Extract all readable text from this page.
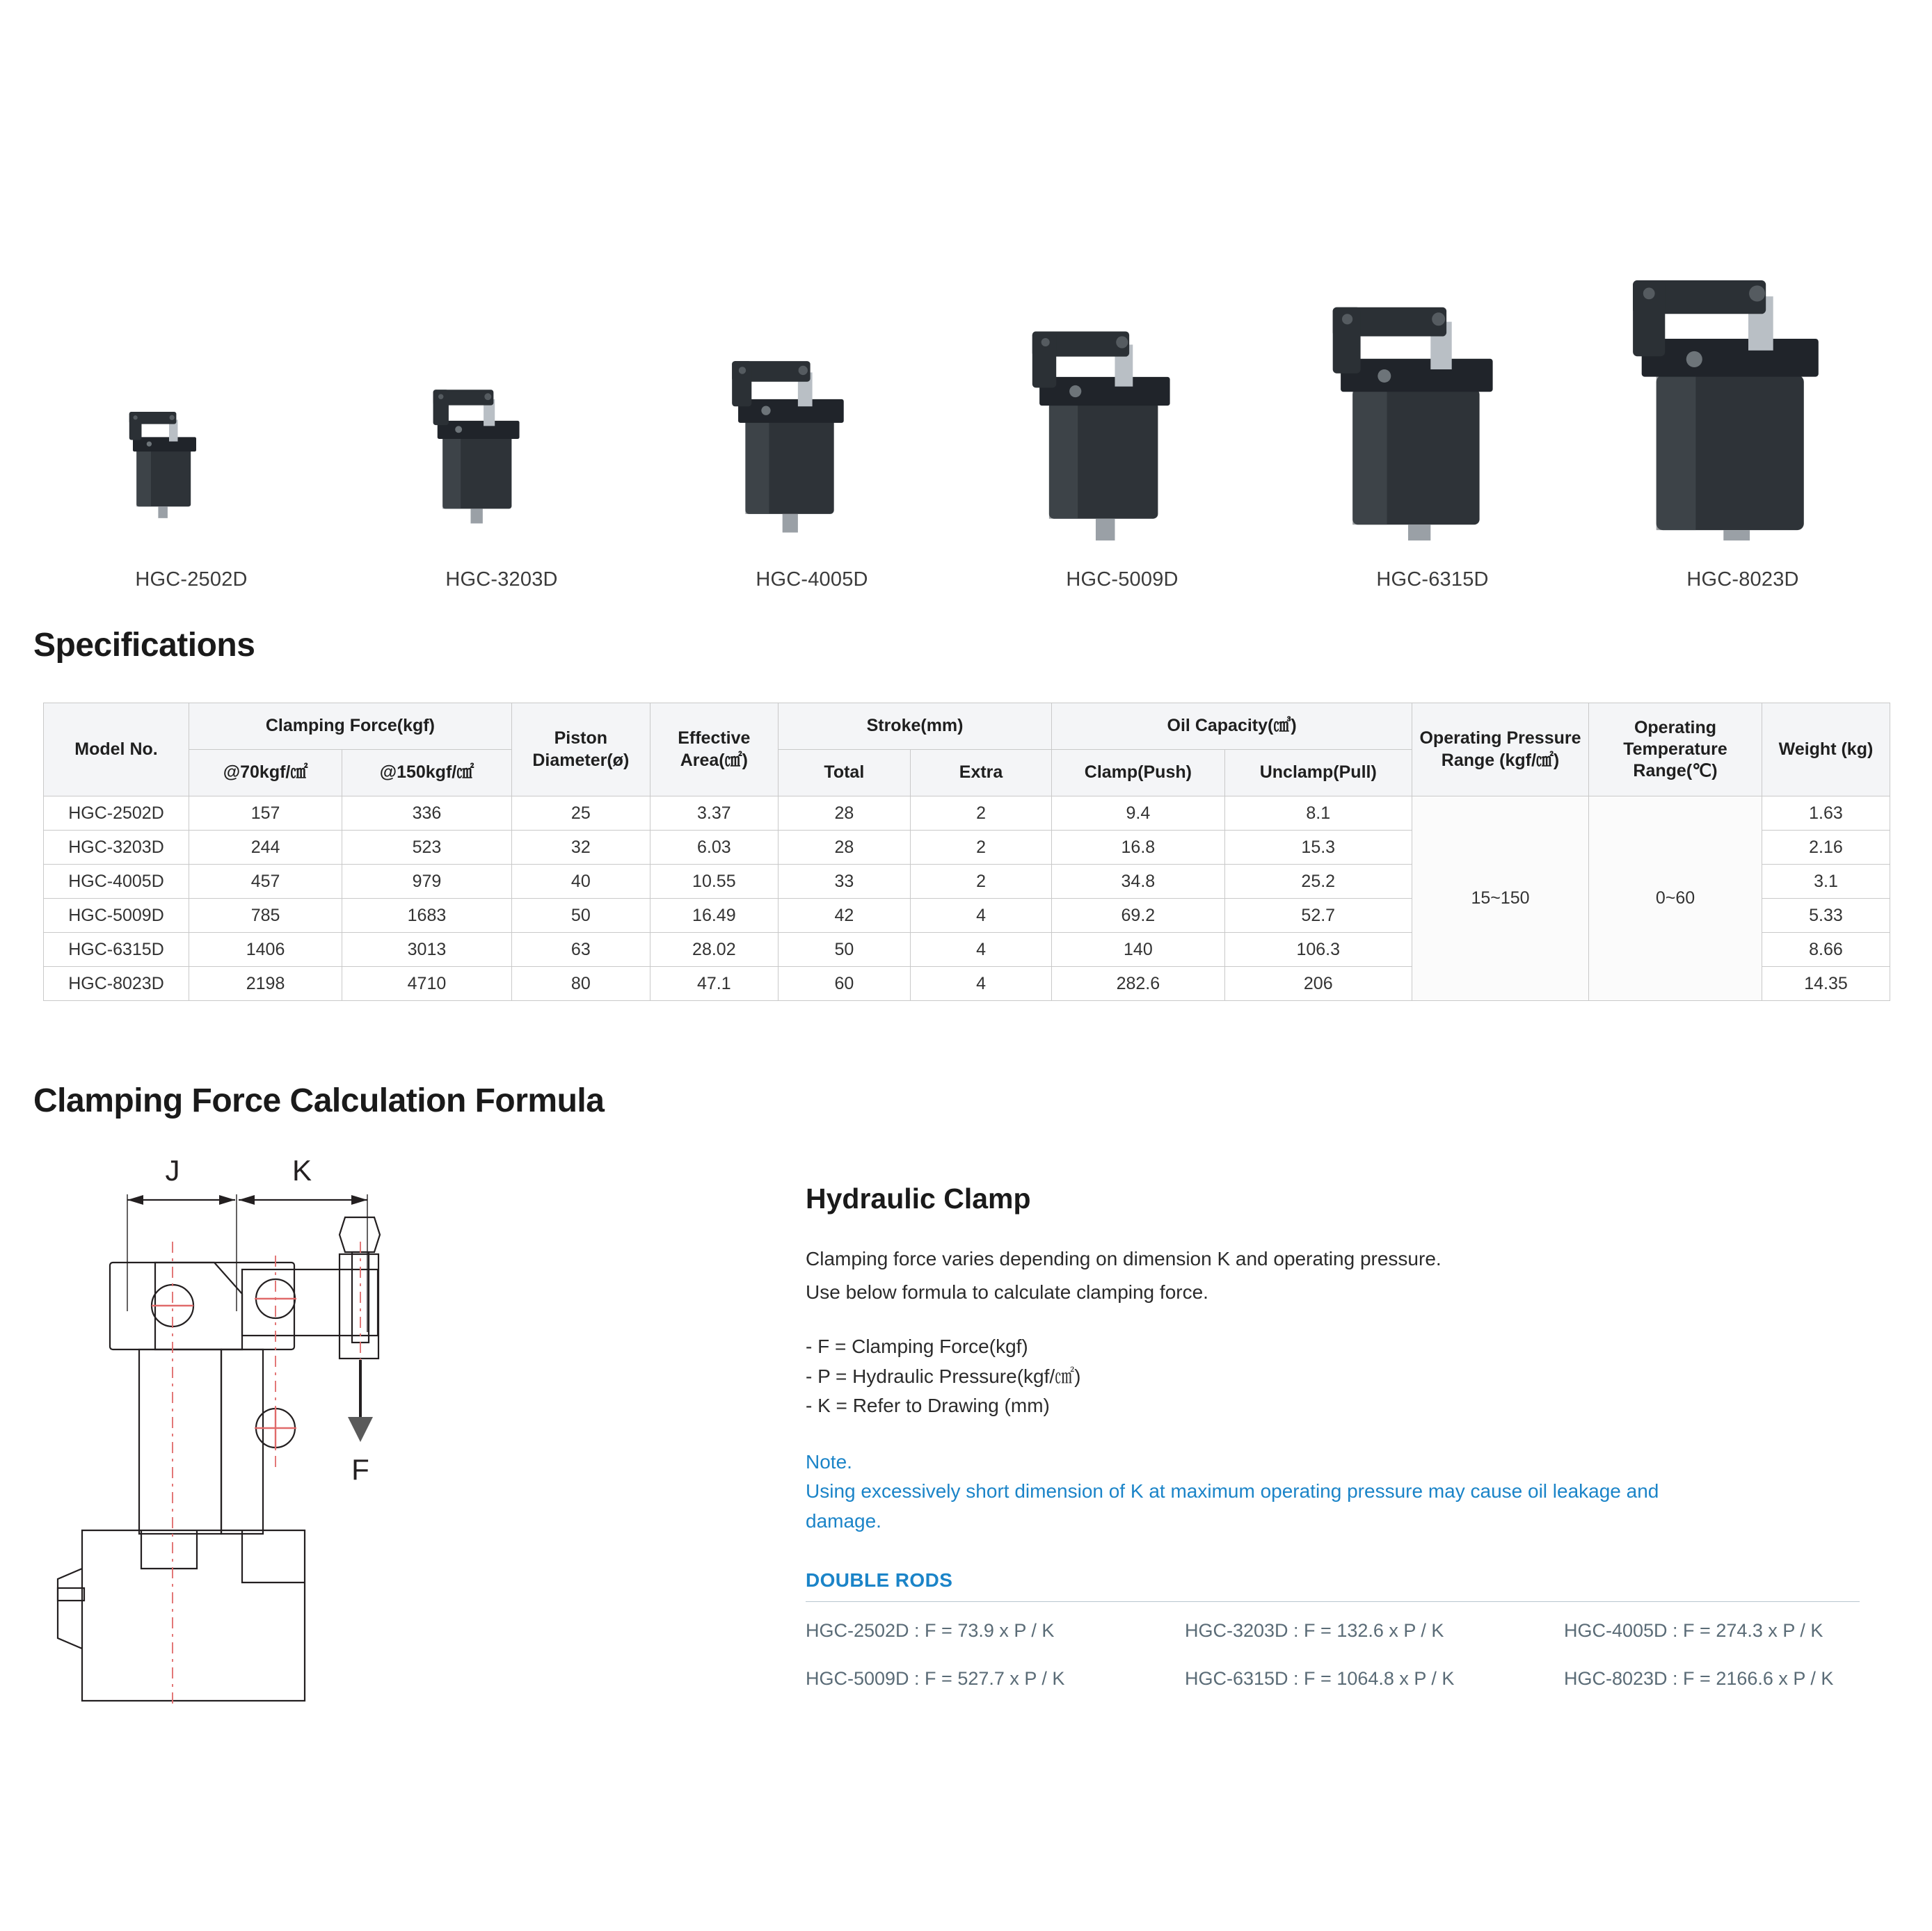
HGC-2502D	HGC-3203D	HGC-4005D	HGC-5009D	HGC-6315D	HGC-8023D
Specifications
Model No.	Clamping Force(kgf)		Piston Diameter(ø)	Effective Area(㎠)	Stroke(mm)		Oil Capacity(㎤)		Operating Pressure Range (kgf/㎠)	Operating Temperature Range(℃)	Weight (kg)
	@70kgf/㎠	@150kgf/㎠			Total	Extra	Clamp(Push)	Unclamp(Pull)			
HGC-2502D	157	336	25	3.37	28	2	9.4	8.1	15~150	0~60	1.63
HGC-3203D	244	523	32	6.03	28	2	16.8	15.3			2.16
HGC-4005D	457	979	40	10.55	33	2	34.8	25.2			3.1
HGC-5009D	785	1683	50	16.49	42	4	69.2	52.7			5.33
HGC-6315D	1406	3013	63	28.02	50	4	140	106.3			8.66
HGC-8023D	2198	4710	80	47.1	60	4	282.6	206			14.35
Clamping Force Calculation Formula
J	K
F
Hydraulic Clamp
Clamping force varies depending on dimension K and operating pressure.
Use below formula to calculate clamping force.
- F = Clamping Force(kgf)
- P = Hydraulic Pressure(kgf/㎠)
- K = Refer to Drawing (mm)
Note.
Using excessively short dimension of K at maximum operating pressure may cause oil leakage and
damage.
DOUBLE RODS
HGC-2502D : F = 73.9 x P / K	HGC-3203D : F = 132.6 x P / K	HGC-4005D : F = 274.3 x P / K
HGC-5009D : F = 527.7 x P / K	HGC-6315D : F = 1064.8 x P / K	HGC-8023D : F = 2166.6 x P / K
